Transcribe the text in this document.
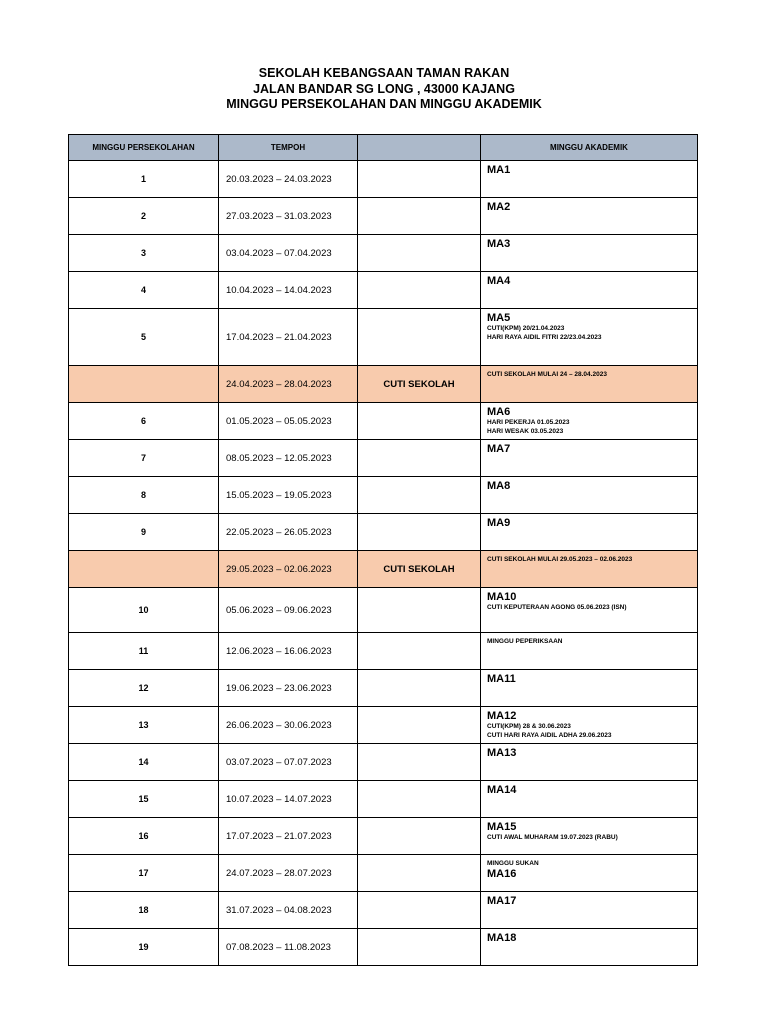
SEKOLAH KEBANGSAAN TAMAN RAKAN
JALAN BANDAR SG LONG , 43000 KAJANG
MINGGU PERSEKOLAHAN DAN MINGGU AKADEMIK
MINGGU PERSEKOLAHAN	TEMPOH		MINGGU AKADEMIK
1	20.03.2023 – 24.03.2023		MA1

2	27.03.2023 – 31.03.2023		MA2

3	03.04.2023 – 07.04.2023		MA3

4	10.04.2023 – 14.04.2023		MA4

5	17.04.2023 – 21.04.2023		MA5
CUTI(KPM) 20/21.04.2023
HARI RAYA AIDIL FITRI 22/23.04.2023

	24.04.2023 – 28.04.2023	CUTI SEKOLAH	CUTI SEKOLAH MULAI 24 – 28.04.2023

6	01.05.2023 – 05.05.2023		MA6
HARI PEKERJA 01.05.2023
HARI WESAK 03.05.2023

7	08.05.2023 – 12.05.2023		MA7

8	15.05.2023 – 19.05.2023		MA8

9	22.05.2023 – 26.05.2023		MA9

	29.05.2023 – 02.06.2023	CUTI SEKOLAH	CUTI SEKOLAH MULAI 29.05.2023 – 02.06.2023

10	05.06.2023 – 09.06.2023		MA10
CUTI KEPUTERAAN AGONG 05.06.2023 (ISN)

11	12.06.2023 – 16.06.2023		MINGGU PEPERIKSAAN

12	19.06.2023 – 23.06.2023		MA11

13	26.06.2023 – 30.06.2023		MA12
CUTI(KPM) 28 & 30.06.2023
CUTI HARI RAYA AIDIL ADHA 29.06.2023

14	03.07.2023 – 07.07.2023		MA13

15	10.07.2023 – 14.07.2023		MA14

16	17.07.2023 – 21.07.2023		MA15
CUTI AWAL MUHARAM 19.07.2023 (RABU)

17	24.07.2023 – 28.07.2023		MINGGU SUKAN
MA16

18	31.07.2023 – 04.08.2023		MA17

19	07.08.2023 – 11.08.2023		MA18
